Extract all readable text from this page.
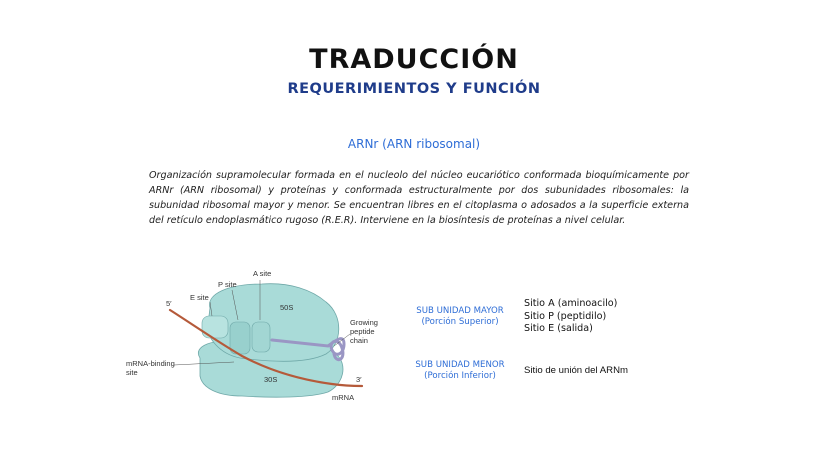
TRADUCCIÓN
REQUERIMIENTOS Y FUNCIÓN
ARNr (ARN ribosomal)

Organización supramolecular formada en el nucleolo del núcleo eucariótico conformada bioquímicamente por ARNr (ARN ribosomal) y proteínas y conformada estructuralmente por dos subunidades ribosomales: la subunidad ribosomal mayor y menor. Se encuentran libres en el citoplasma o adosados a la superficie externa del retículo endoplasmático rugoso (R.E.R). Interviene en la biosíntesis de proteínas a nivel celular.

A site
P site
E site
5′	50S
30S
Growing
peptide
chain
mRNA-binding
site
3′
mRNA
SUB UNIDAD MAYOR
(Porción Superior)
SUB UNIDAD MENOR
(Porción Inferior)
Sitio A (aminoacilo)
Sitio P (peptidilo)
Sitio E (salida)
Sitio de unión del ARNm
